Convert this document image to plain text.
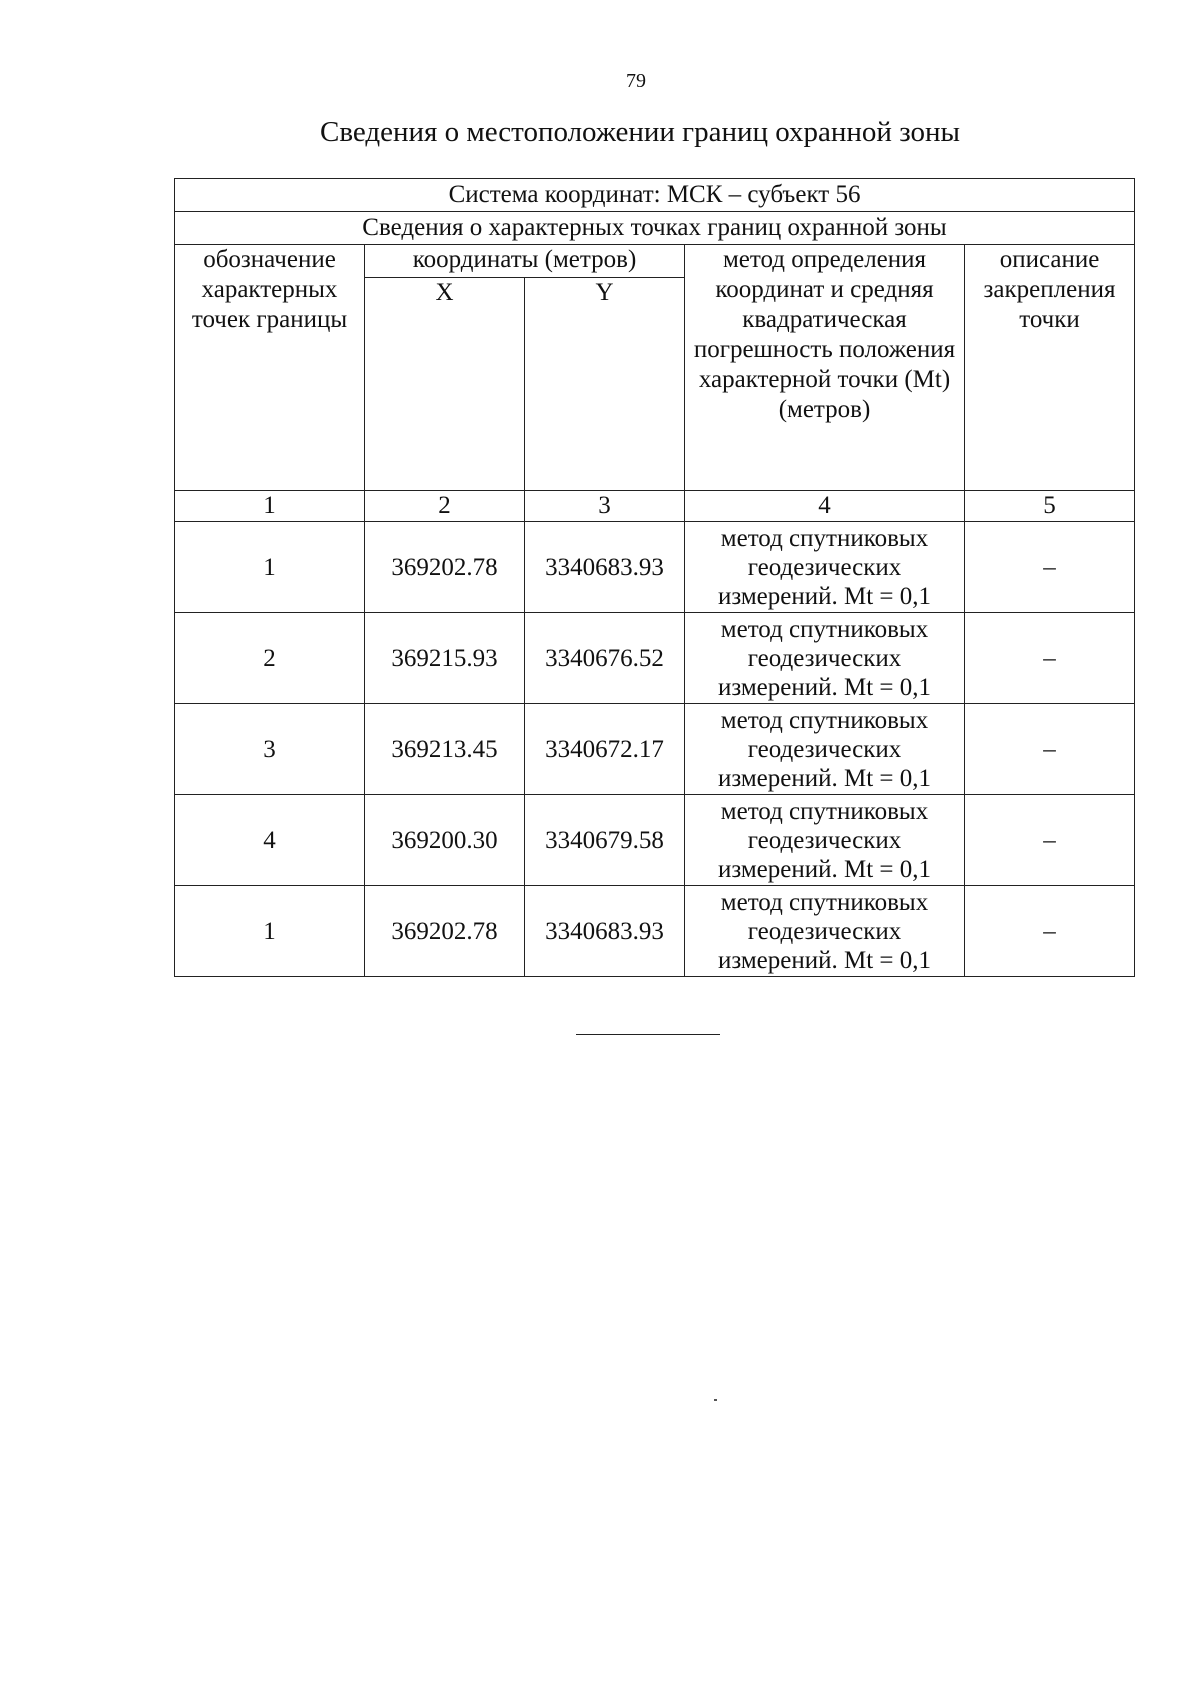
79
Сведения о местоположении границ охранной зоны
Система координат: МСК – субъект 56				
Сведения о характерных точках границ охранной зоны				
обозначение характерных точек границы	координаты (метров)		метод определения координат и средняя квадратическая погрешность положения характерной точки (Mt) (метров)	описание закрепления точки
	X	Y		
1	2	3	4	5
1	369202.78	3340683.93	метод спутниковых геодезических измерений. Mt = 0,1	–
2	369215.93	3340676.52	метод спутниковых геодезических измерений. Mt = 0,1	–
3	369213.45	3340672.17	метод спутниковых геодезических измерений. Mt = 0,1	–
4	369200.30	3340679.58	метод спутниковых геодезических измерений. Mt = 0,1	–
1	369202.78	3340683.93	метод спутниковых геодезических измерений. Mt = 0,1	–
